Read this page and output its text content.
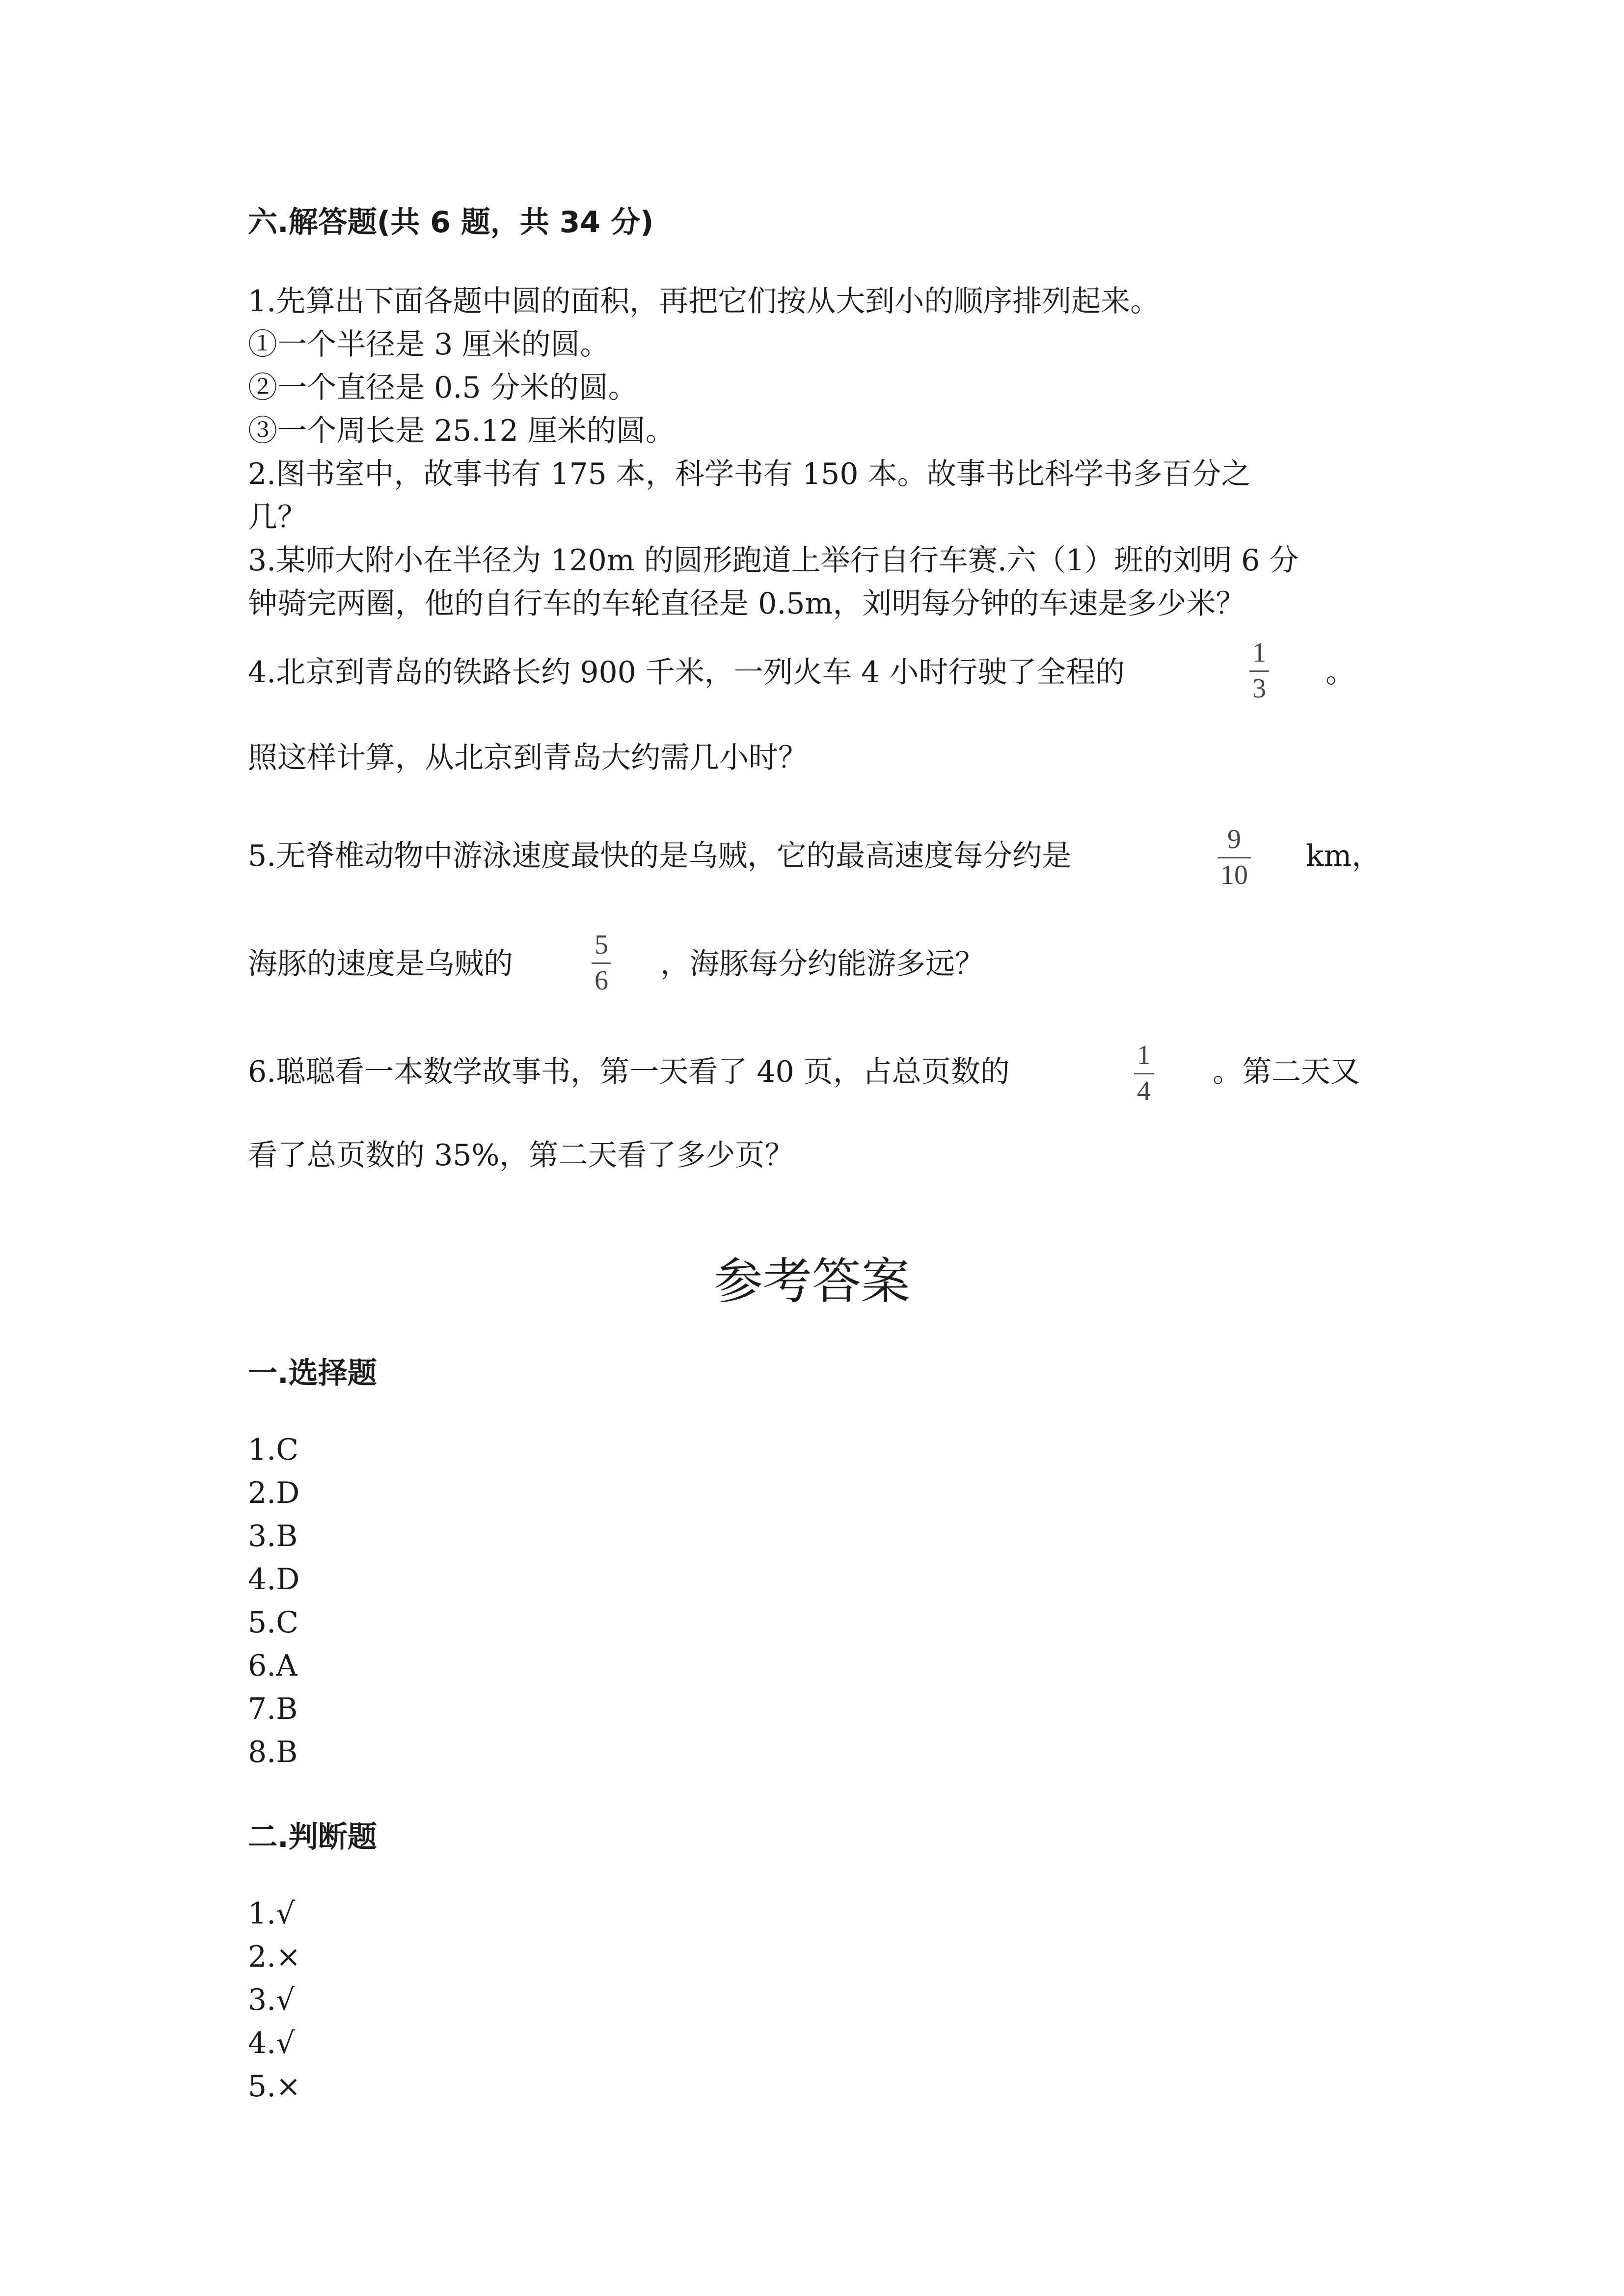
六.解答题(共 6 题，共 34 分)
1.先算出下面各题中圆的面积，再把它们按从大到小的顺序排列起来。
①一个半径是 3 厘米的圆。
②一个直径是 0.5 分米的圆。
③一个周长是 25.12 厘米的圆。
2.图书室中，故事书有 175 本，科学书有 150 本。故事书比科学书多百分之
几？
3.某师大附小在半径为 120m 的圆形跑道上举行自行车赛.六（1）班的刘明 6 分
钟骑完两圈，他的自行车的车轮直径是 0.5m，刘明每分钟的车速是多少米？
4.北京到青岛的铁路长约 900 千米，一列火车 4 小时行驶了全程的
1
3 。
照这样计算，从北京到青岛大约需几小时？
5.无脊椎动物中游泳速度最快的是乌贼，它的最高速度每分约是	9
10
km，
海豚的速度是乌贼的
5
6 ，海豚每分约能游多远？
6.聪聪看一本数学故事书，第一天看了 40 页，占总页数的	1
4
。第二天又
看了总页数的 35%，第二天看了多少页？
参考答案
一.选择题
1.C
2.D
3.B
4.D
5.C
6.A
7.B
8.B
二.判断题
1.√
2.×
3.√
4.√
5.×
